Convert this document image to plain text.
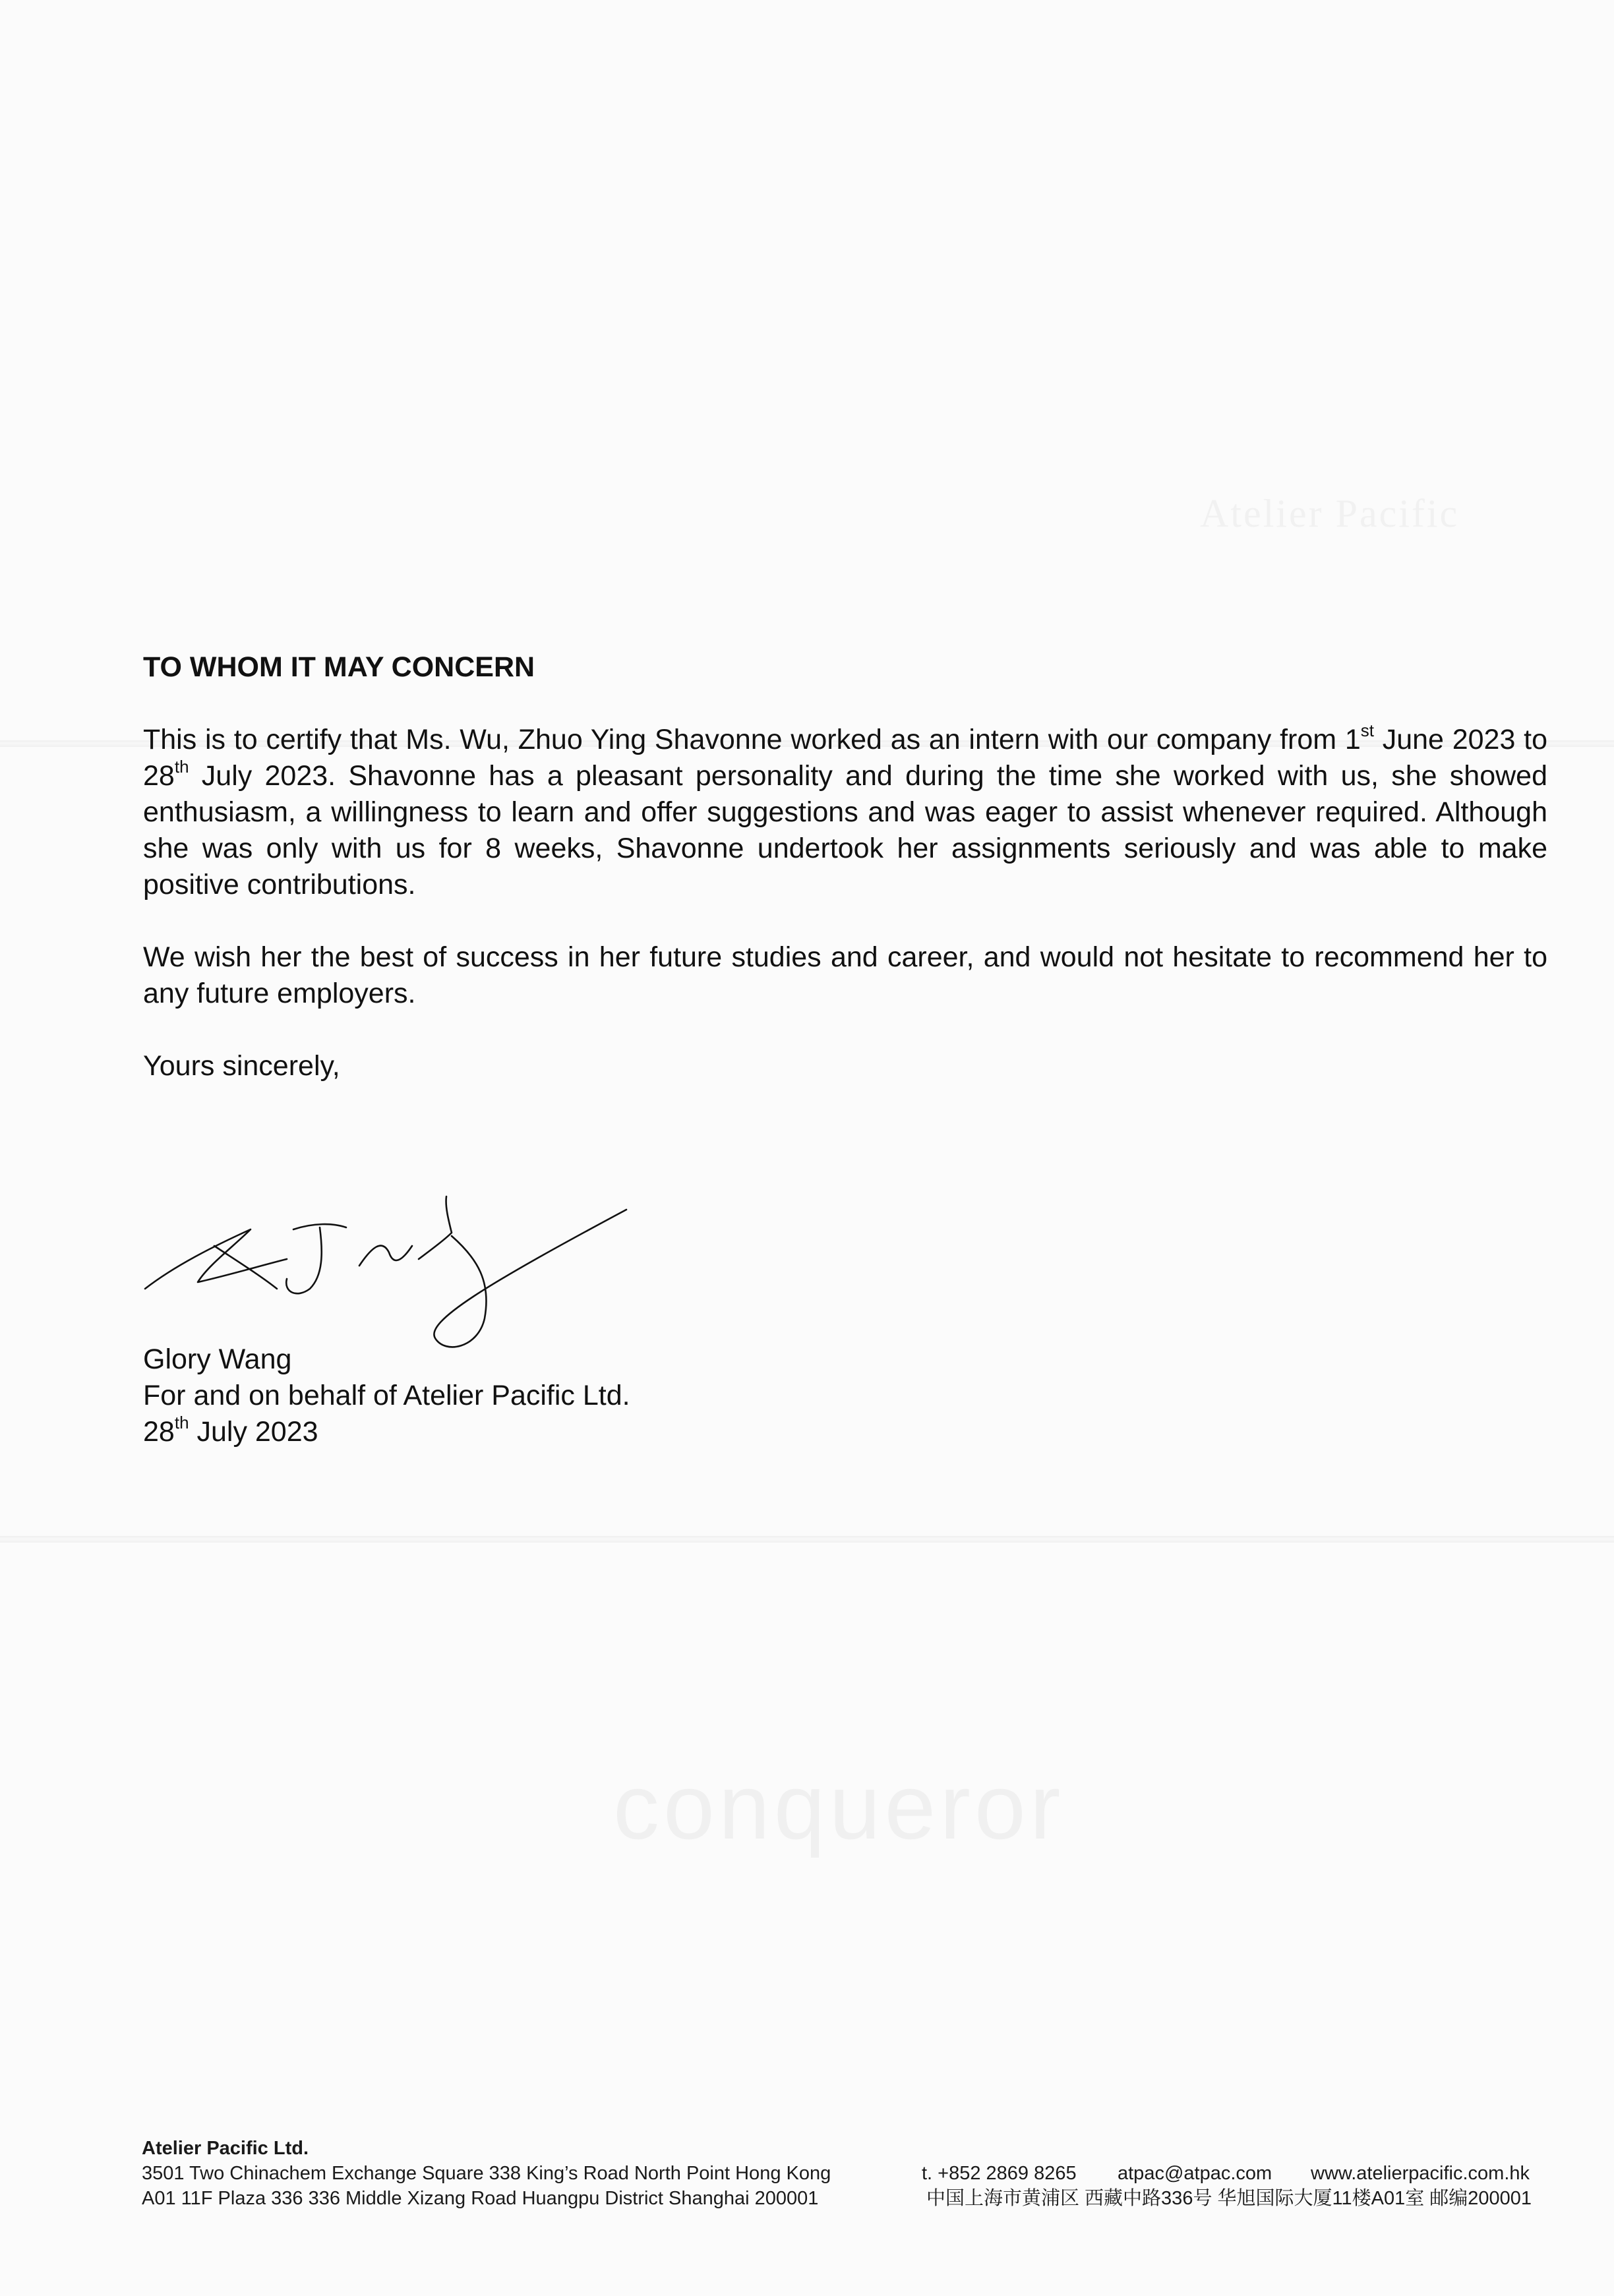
Atelier Pacific
conqueror

TO WHOM IT MAY CONCERN

This is to certify that Ms. Wu, Zhuo Ying Shavonne worked as an intern with our company from 1st June 2023 to 28th July 2023. Shavonne has a pleasant personality and during the time she worked with us, she showed enthusiasm, a willingness to learn and offer suggestions and was eager to assist whenever required. Although she was only with us for 8 weeks, Shavonne undertook her assignments seriously and was able to make positive contributions.

We wish her the best of success in her future studies and career, and would not hesitate to recommend her to any future employers.

Yours sincerely,

Glory Wang
For and on behalf of Atelier Pacific Ltd.
28th July 2023
Atelier Pacific Ltd.
3501 Two Chinachem Exchange Square 338 King’s Road North Point Hong Kong	t. +852 2869 8265 atpac@atpac.com www.atelierpacific.com.hk
A01 11F Plaza 336 336 Middle Xizang Road Huangpu District Shanghai 200001	中国上海市黄浦区 西藏中路336号 华旭国际大厦11楼A01室 邮编200001
